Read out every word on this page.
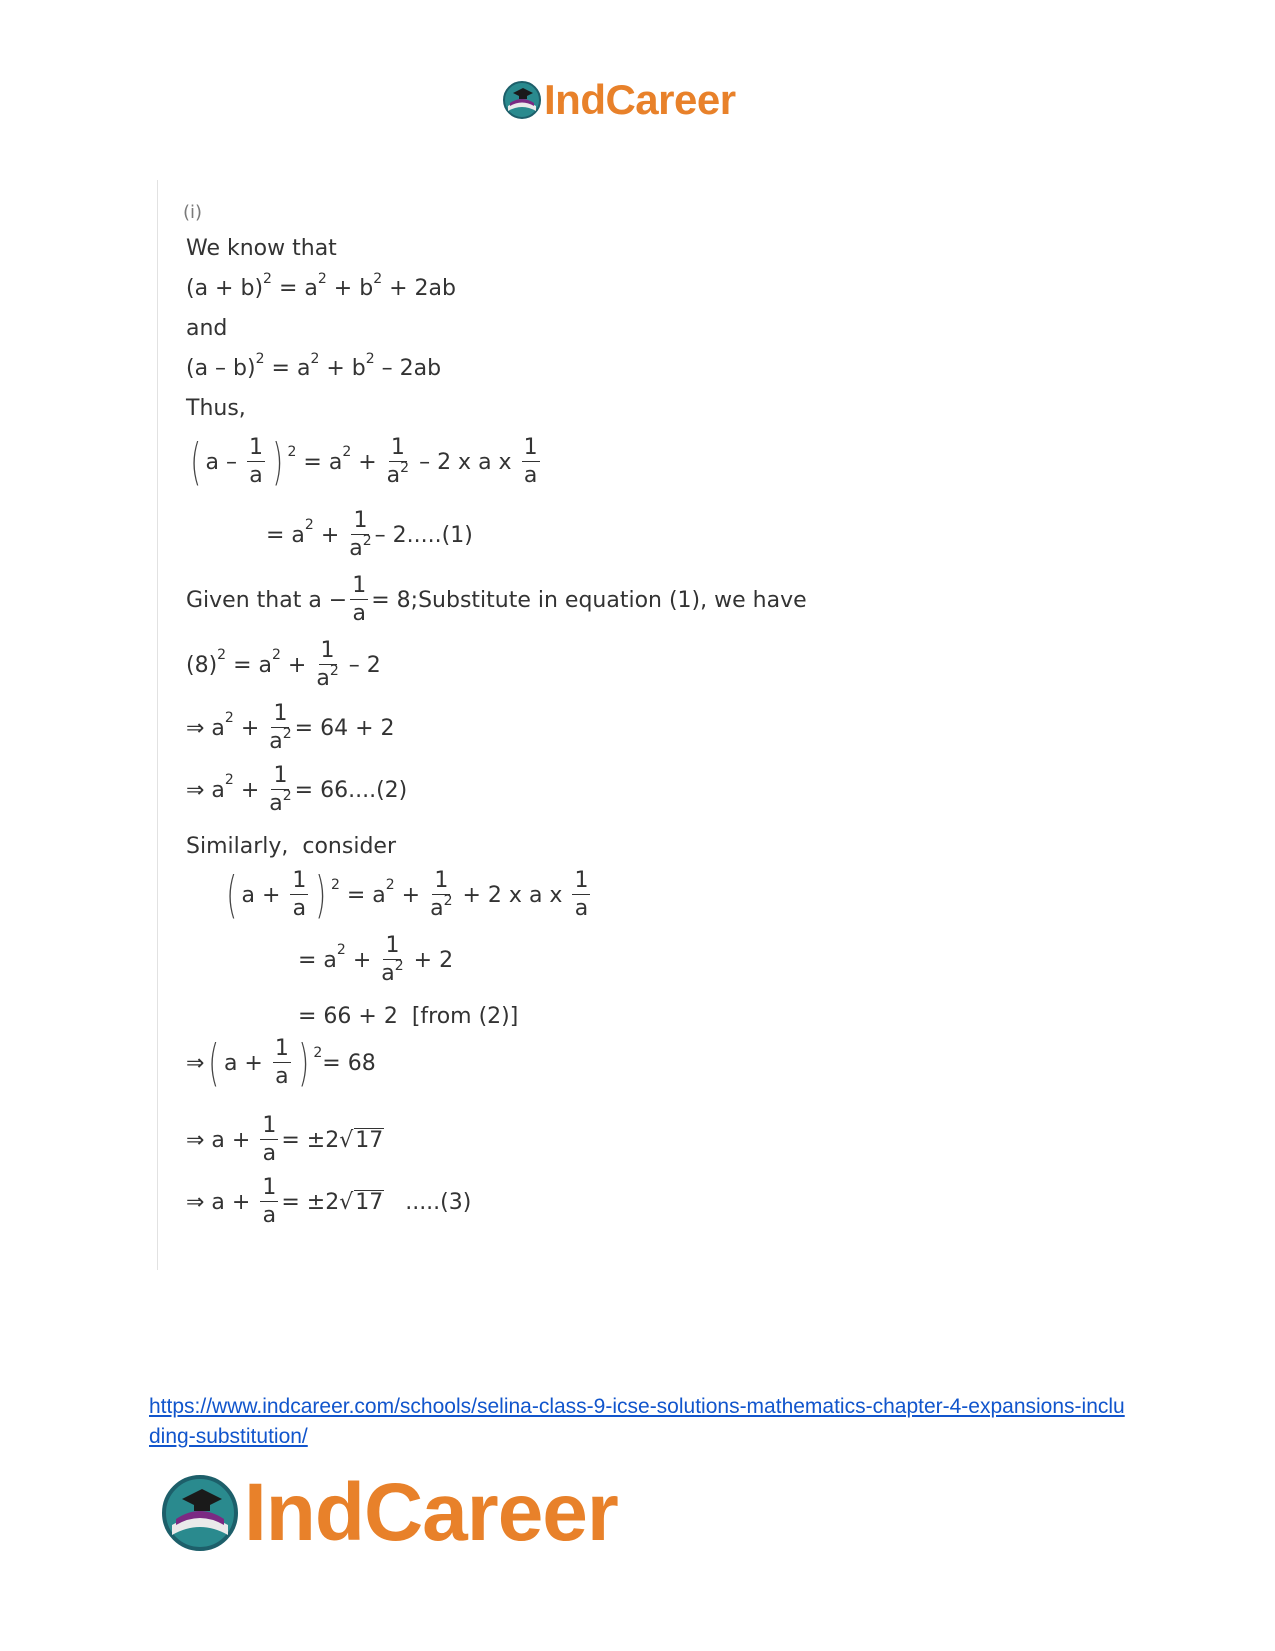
IndCareer
(i)
We know that
$(a + b)^2 = a^2 + b^2 + 2ab$
and
$(a - b)^2 = a^2 + b^2 - 2ab$
Thus,
( a – $\frac{1}{a}$ ) $^2 = a^2 + \frac{1}{a^2} - 2$ x a x $\frac{1}{a}$
= $a^2 + \frac{1}{a^2} - 2.....(1)$
Given that $a - \frac{1}{a}$ = 8;Substitute in equation (1), we have
$(8)^2 = a^2 + \frac{1}{a^2} - 2$
⇒ $a^2 + \frac{1}{a^2} = 64 + 2$
⇒ $a^2 + \frac{1}{a^2} = 66....(2)$
Similarly,  consider
( $a + \frac{1}{a}$ ) $^2 = a^2 + \frac{1}{a^2} + 2$ x a x $\frac{1}{a}$
= $a^2 + \frac{1}{a^2} + 2$
= 66 + 2  [from (2)]
⇒ ( $a + \frac{1}{a}$ ) $^2$ = 68
⇒ $a + \frac{1}{a} = \pm 2$ √ 17
⇒ $a + \frac{1}{a} = \pm 2$ √ 17
.....(3)
https://www.indcareer.com/schools/selina-class-9-icse-solutions-mathematics-chapter-4-expansions-including-substitution/
IndCareer
